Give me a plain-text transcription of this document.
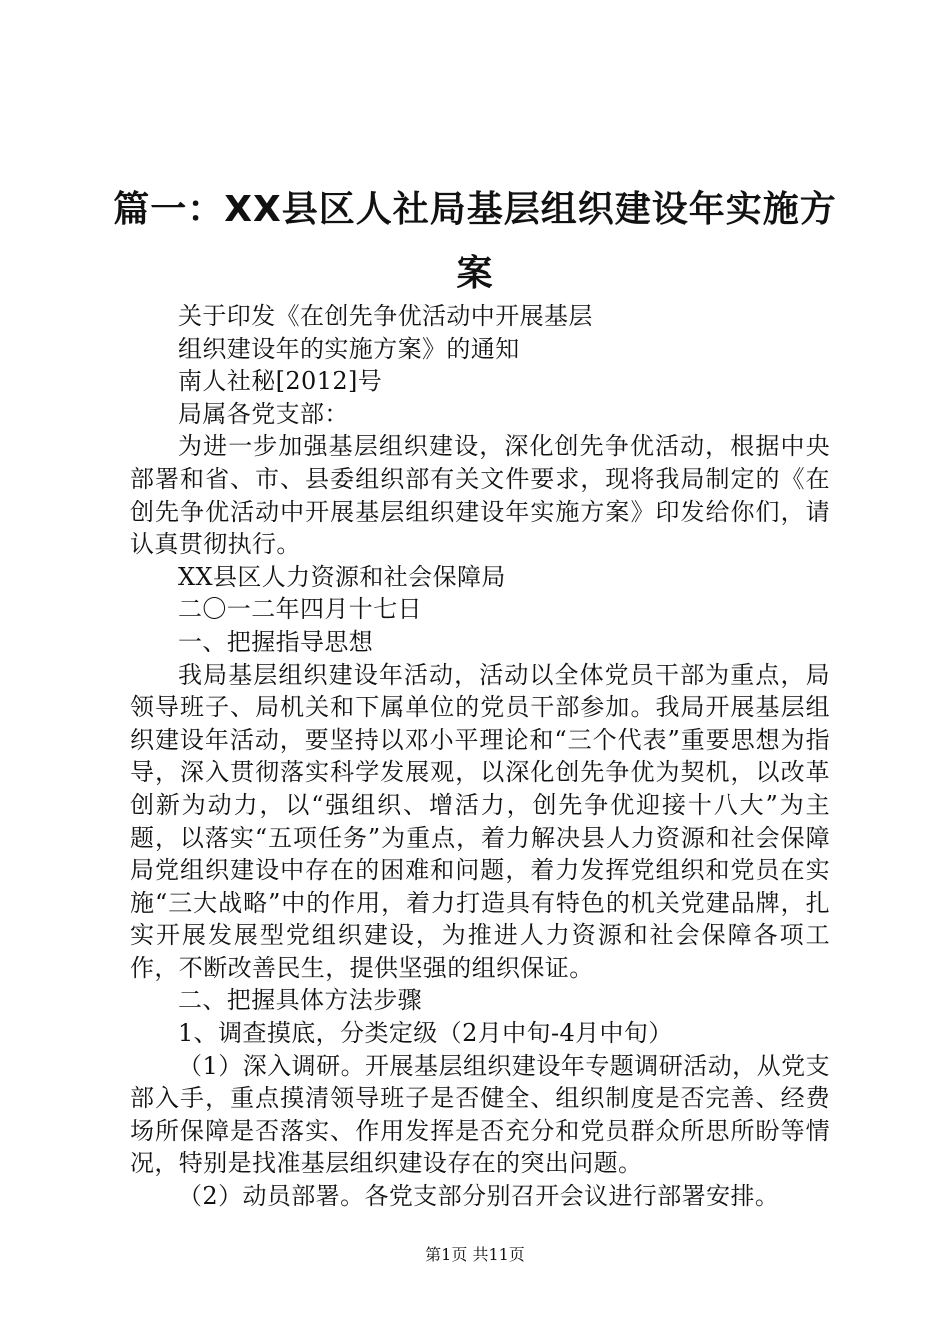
篇一：XX县区人社局基层组织建设年实施方案

关于印发《在创先争优活动中开展基层

组织建设年的实施方案》的通知

南人社秘[2012]号

局属各党支部：

为进一步加强基层组织建设，深化创先争优活动，根据中央部署和省、市、县委组织部有关文件要求，现将我局制定的《在创先争优活动中开展基层组织建设年实施方案》印发给你们，请认真贯彻执行。

XX县区人力资源和社会保障局

二〇一二年四月十七日

一、把握指导思想

我局基层组织建设年活动，活动以全体党员干部为重点，局领导班子、局机关和下属单位的党员干部参加。我局开展基层组织建设年活动，要坚持以邓小平理论和“三个代表”重要思想为指导，深入贯彻落实科学发展观，以深化创先争优为契机，以改革创新为动力，以“强组织、增活力，创先争优迎接十八大”为主题，以落实“五项任务”为重点，着力解决县人力资源和社会保障局党组织建设中存在的困难和问题，着力发挥党组织和党员在实施“三大战略”中的作用，着力打造具有特色的机关党建品牌，扎实开展发展型党组织建设，为推进人力资源和社会保障各项工作，不断改善民生，提供坚强的组织保证。

二、把握具体方法步骤

1、调查摸底，分类定级（2月中旬-4月中旬）

（1）深入调研。开展基层组织建设年专题调研活动，从党支部入手，重点摸清领导班子是否健全、组织制度是否完善、经费场所保障是否落实、作用发挥是否充分和党员群众所思所盼等情况，特别是找准基层组织建设存在的突出问题。

（2）动员部署。各党支部分别召开会议进行部署安排。

第1页 共11页
